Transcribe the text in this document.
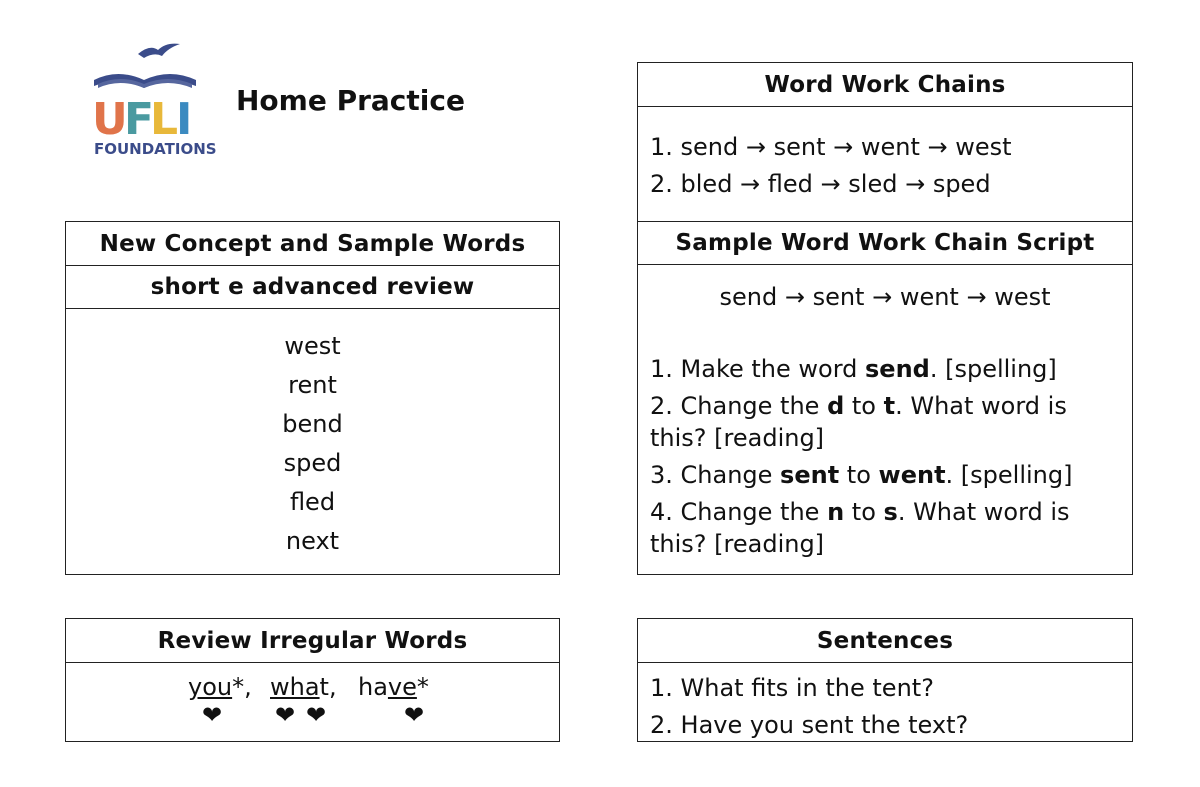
U
F
L
I
FOUNDATIONS
Home Practice
New Concept and Sample Words
short e advanced review
west
rent
bend
sped
fled
next
Review Irregular Words
you*,
❤
what,
❤ ❤
have*
❤
Word Work Chains
1. send → sent → went → west
2. bled → fled → sled → sped
Sample Word Work Chain Script
send → sent → went → west
1. Make the word send. [spelling]
2. Change the d to t. What word is this? [reading]
3. Change sent to went. [spelling]
4. Change the n to s. What word is this? [reading]
Sentences
1. What fits in the tent?
2. Have you sent the text?
